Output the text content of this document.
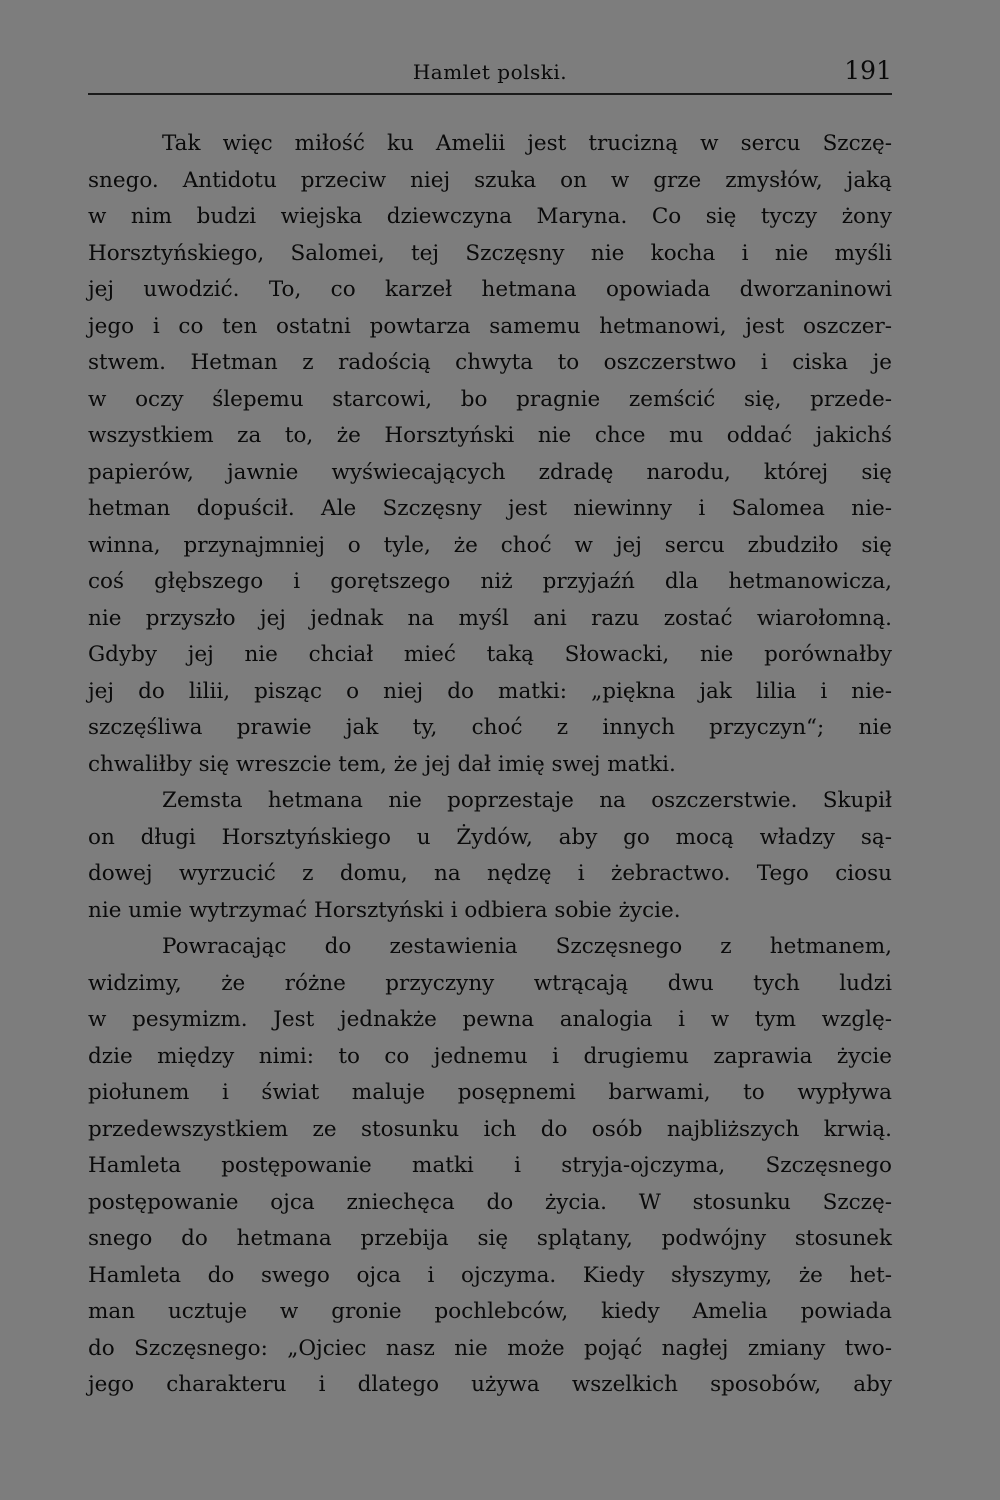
Hamlet polski.	191
Tak więc miłość ku Amelii jest trucizną w sercu Szczę-
snego. Antidotu przeciw niej szuka on w grze zmysłów, jaką
w nim budzi wiejska dziewczyna Maryna. Co się tyczy żony
Horsztyńskiego, Salomei, tej Szczęsny nie kocha i nie myśli
jej uwodzić. To, co karzeł hetmana opowiada dworzaninowi
jego i co ten ostatni powtarza samemu hetmanowi, jest oszczer-
stwem. Hetman z radością chwyta to oszczerstwo i ciska je
w oczy ślepemu starcowi, bo pragnie zemścić się, przede-
wszystkiem za to, że Horsztyński nie chce mu oddać jakichś
papierów, jawnie wyświecających zdradę narodu, której się
hetman dopuścił. Ale Szczęsny jest niewinny i Salomea nie-
winna, przynajmniej o tyle, że choć w jej sercu zbudziło się
coś głębszego i gorętszego niż przyjaźń dla hetmanowicza,
nie przyszło jej jednak na myśl ani razu zostać wiarołomną.
Gdyby jej nie chciał mieć taką Słowacki, nie porównałby
jej do lilii, pisząc o niej do matki: „piękna jak lilia i nie-
szczęśliwa prawie jak ty, choć z innych przyczyn“; nie
chwaliłby się wreszcie tem, że jej dał imię swej matki.
Zemsta hetmana nie poprzestaje na oszczerstwie. Skupił
on długi Horsztyńskiego u Żydów, aby go mocą władzy są-
dowej wyrzucić z domu, na nędzę i żebractwo. Tego ciosu
nie umie wytrzymać Horsztyński i odbiera sobie życie.
Powracając do zestawienia Szczęsnego z hetmanem,
widzimy, że różne przyczyny wtrącają dwu tych ludzi
w pesymizm. Jest jednakże pewna analogia i w tym wzglę-
dzie między nimi: to co jednemu i drugiemu zaprawia życie
piołunem i świat maluje posępnemi barwami, to wypływa
przedewszystkiem ze stosunku ich do osób najbliższych krwią.
Hamleta postępowanie matki i stryja-ojczyma, Szczęsnego
postępowanie ojca zniechęca do życia. W stosunku Szczę-
snego do hetmana przebija się splątany, podwójny stosunek
Hamleta do swego ojca i ojczyma. Kiedy słyszymy, że het-
man ucztuje w gronie pochlebców, kiedy Amelia powiada
do Szczęsnego: „Ojciec nasz nie może pojąć nagłej zmiany two-
jego charakteru i dlatego używa wszelkich sposobów, aby
